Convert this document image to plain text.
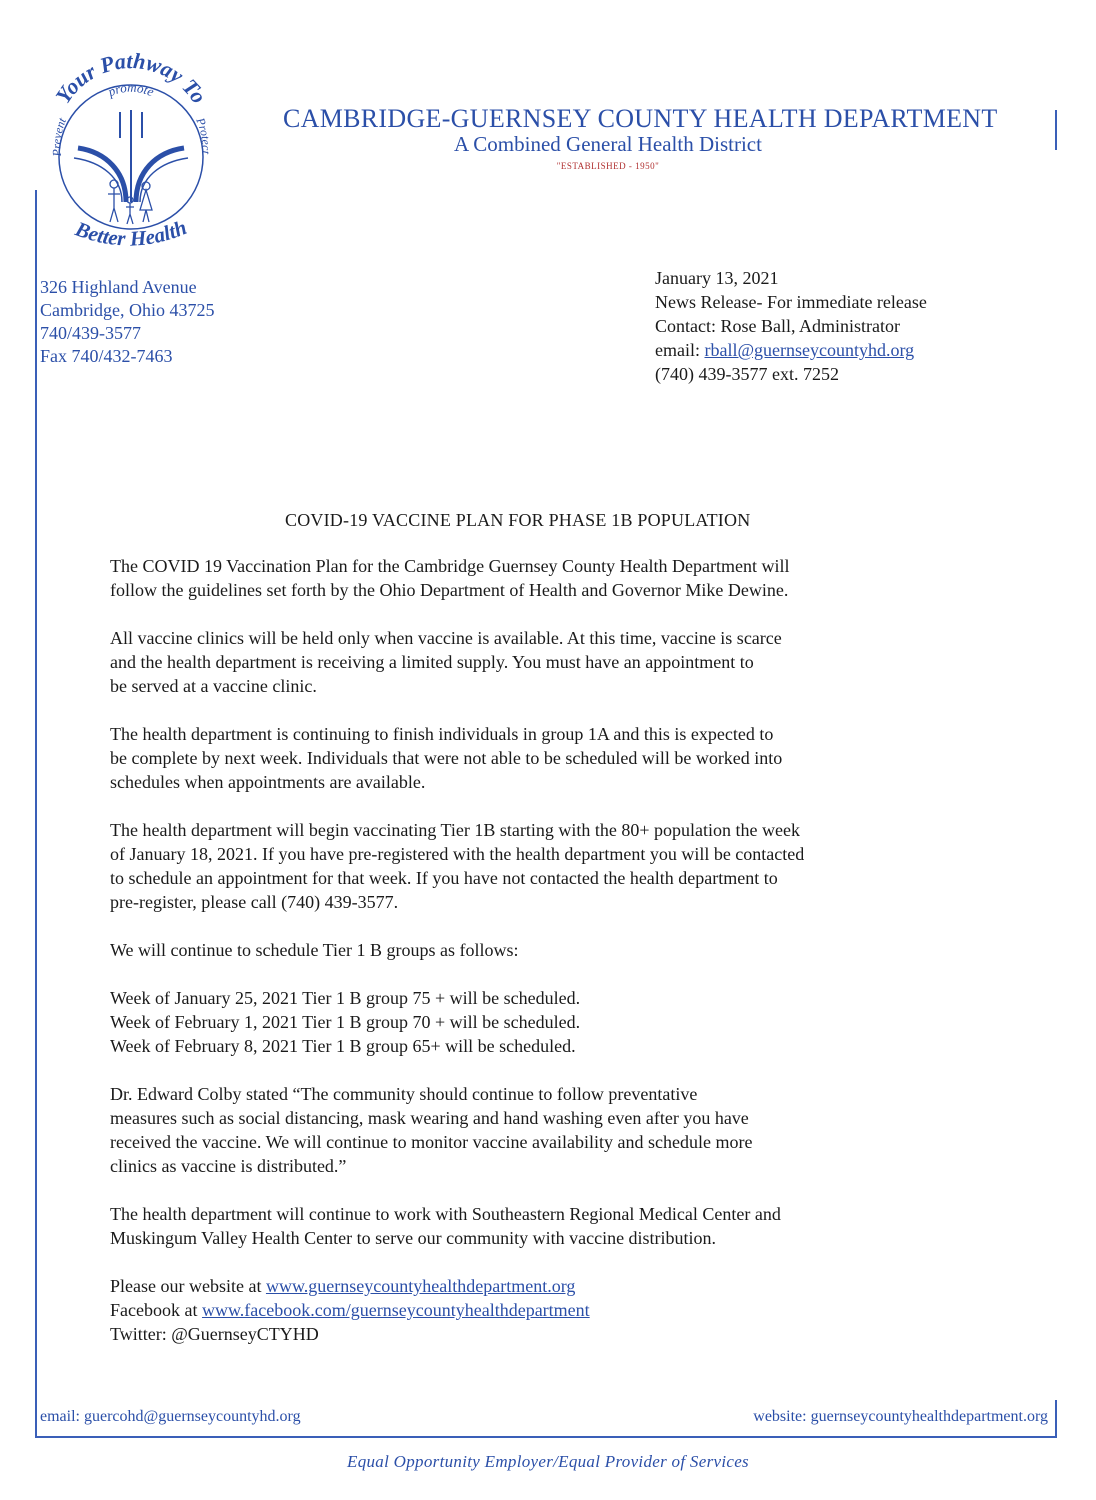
Your Pathway To
promote
Prevent	Protect
Better Health
CAMBRIDGE-GUERNSEY COUNTY HEALTH DEPARTMENT
A Combined General Health District
"ESTABLISHED - 1950"
326 Highland Avenue
Cambridge, Ohio 43725
740/439-3577
Fax 740/432-7463
January 13, 2021
News Release- For immediate release
Contact: Rose Ball, Administrator
email: rball@guernseycountyhd.org
(740) 439-3577 ext. 7252
COVID-19 VACCINE PLAN FOR PHASE 1B POPULATION

The COVID 19 Vaccination Plan for the Cambridge Guernsey County Health Department will
follow the guidelines set forth by the Ohio Department of Health and Governor Mike Dewine.

All vaccine clinics will be held only when vaccine is available. At this time, vaccine is scarce
and the health department is receiving a limited supply. You must have an appointment to
be served at a vaccine clinic.

The health department is continuing to finish individuals in group 1A and this is expected to
be complete by next week. Individuals that were not able to be scheduled will be worked into
schedules when appointments are available.

The health department will begin vaccinating Tier 1B starting with the 80+ population the week
of January 18, 2021. If you have pre-registered with the health department you will be contacted
to schedule an appointment for that week. If you have not contacted the health department to
pre-register, please call (740) 439-3577.

We will continue to schedule Tier 1 B groups as follows:

Week of January 25, 2021 Tier 1 B group 75 + will be scheduled.
Week of February 1, 2021 Tier 1 B group 70 + will be scheduled.
Week of February 8, 2021 Tier 1 B group 65+ will be scheduled.

Dr. Edward Colby stated “The community should continue to follow preventative
measures such as social distancing, mask wearing and hand washing even after you have
received the vaccine. We will continue to monitor vaccine availability and schedule more
clinics as vaccine is distributed.”

The health department will continue to work with Southeastern Regional Medical Center and
Muskingum Valley Health Center to serve our community with vaccine distribution.

Please our website at www.guernseycountyhealthdepartment.org
Facebook at www.facebook.com/guernseycountyhealthdepartment
Twitter: @GuernseyCTYHD

email: guercohd@guernseycountyhd.org	website: guernseycountyhealthdepartment.org
Equal Opportunity Employer/Equal Provider of Services
